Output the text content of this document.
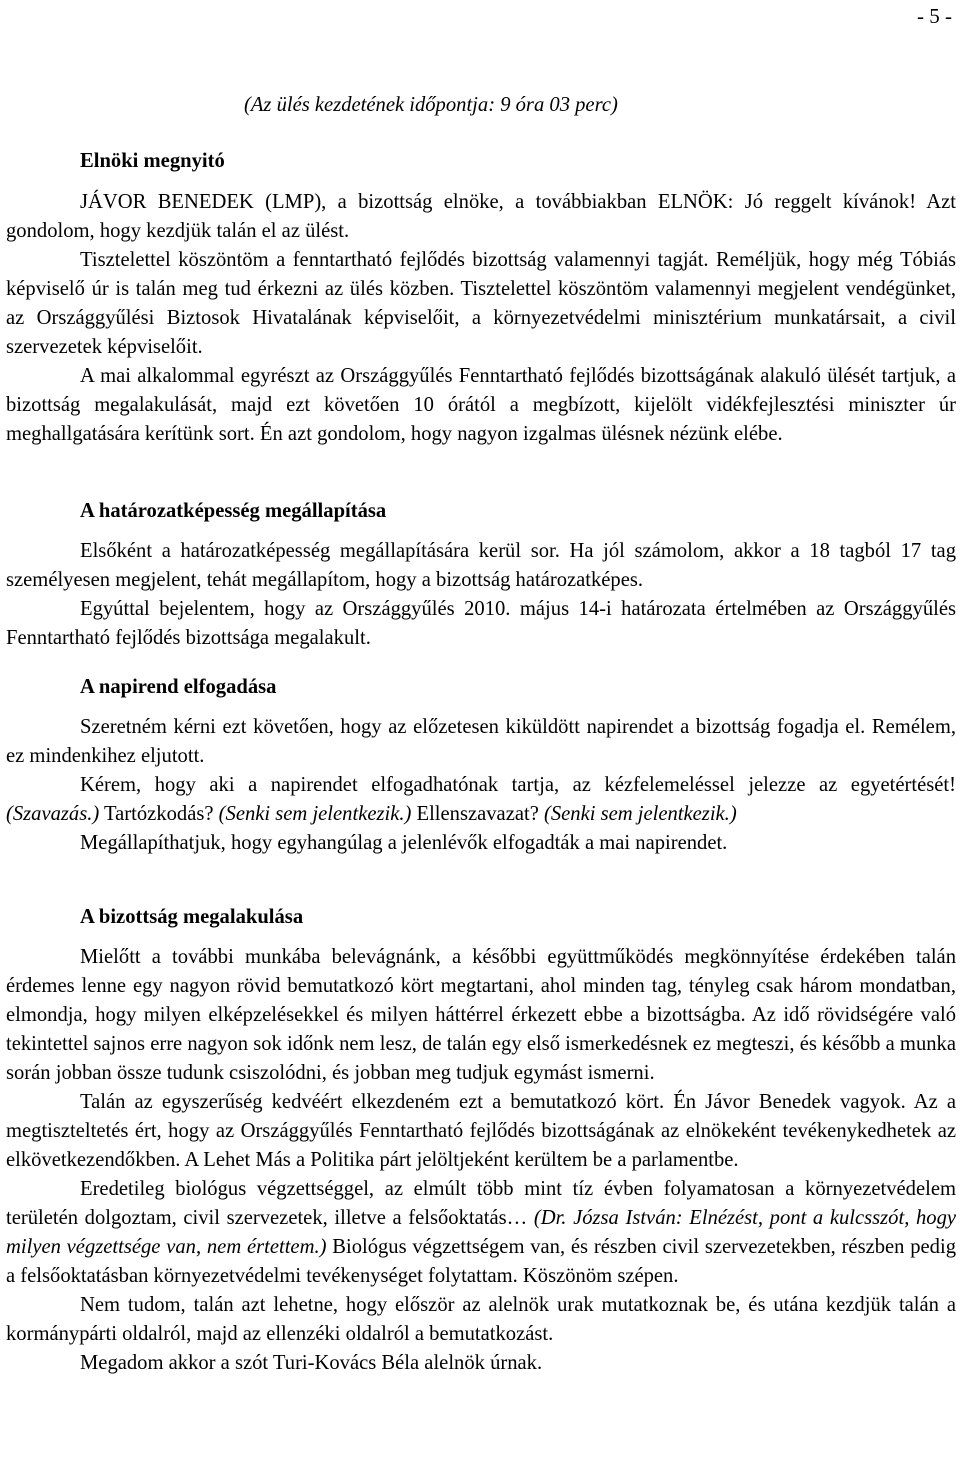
- 5 -
(Az ülés kezdetének időpontja: 9 óra 03 perc)
Elnöki megnyitó

JÁVOR BENEDEK (LMP), a bizottság elnöke, a továbbiakban ELNÖK: Jó reggelt kívánok! Azt gondolom, hogy kezdjük talán el az ülést.

Tisztelettel köszöntöm a fenntartható fejlődés bizottság valamennyi tagját. Reméljük, hogy még Tóbiás képviselő úr is talán meg tud érkezni az ülés közben. Tisztelettel köszöntöm valamennyi megjelent vendégünket, az Országgyűlési Biztosok Hivatalának képviselőit, a környezetvédelmi minisztérium munkatársait, a civil szervezetek képviselőit.

A mai alkalommal egyrészt az Országgyűlés Fenntartható fejlődés bizottságának alakuló ülését tartjuk, a bizottság megalakulását, majd ezt követően 10 órától a megbízott, kijelölt vidékfejlesztési miniszter úr meghallgatására kerítünk sort. Én azt gondolom, hogy nagyon izgalmas ülésnek nézünk elébe.

A határozatképesség megállapítása

Elsőként a határozatképesség megállapítására kerül sor. Ha jól számolom, akkor a 18 tagból 17 tag személyesen megjelent, tehát megállapítom, hogy a bizottság határozatképes.

Egyúttal bejelentem, hogy az Országgyűlés 2010. május 14-i határozata értelmében az Országgyűlés Fenntartható fejlődés bizottsága megalakult.

A napirend elfogadása

Szeretném kérni ezt követően, hogy az előzetesen kiküldött napirendet a bizottság fogadja el. Remélem, ez mindenkihez eljutott.

Kérem, hogy aki a napirendet elfogadhatónak tartja, az kézfelemeléssel jelezze az egyetértését! (Szavazás.) Tartózkodás? (Senki sem jelentkezik.) Ellenszavazat? (Senki sem jelentkezik.)

Megállapíthatjuk, hogy egyhangúlag a jelenlévők elfogadták a mai napirendet.

A bizottság megalakulása

Mielőtt a további munkába belevágnánk, a későbbi együttműködés megkönnyítése érdekében talán érdemes lenne egy nagyon rövid bemutatkozó kört megtartani, ahol minden tag, tényleg csak három mondatban, elmondja, hogy milyen elképzelésekkel és milyen háttérrel érkezett ebbe a bizottságba. Az idő rövidségére való tekintettel sajnos erre nagyon sok időnk nem lesz, de talán egy első ismerkedésnek ez megteszi, és később a munka során jobban össze tudunk csiszolódni, és jobban meg tudjuk egymást ismerni.

Talán az egyszerűség kedvéért elkezdeném ezt a bemutatkozó kört. Én Jávor Benedek vagyok. Az a megtiszteltetés ért, hogy az Országgyűlés Fenntartható fejlődés bizottságának az elnökeként tevékenykedhetek az elkövetkezendőkben. A Lehet Más a Politika párt jelöltjeként kerültem be a parlamentbe.

Eredetileg biológus végzettséggel, az elmúlt több mint tíz évben folyamatosan a környezetvédelem területén dolgoztam, civil szervezetek, illetve a felsőoktatás… (Dr. Józsa István: Elnézést, pont a kulcsszót, hogy milyen végzettsége van, nem értettem.) Biológus végzettségem van, és részben civil szervezetekben, részben pedig a felsőoktatásban környezetvédelmi tevékenységet folytattam. Köszönöm szépen.

Nem tudom, talán azt lehetne, hogy először az alelnök urak mutatkoznak be, és utána kezdjük talán a kormánypárti oldalról, majd az ellenzéki oldalról a bemutatkozást.

Megadom akkor a szót Turi-Kovács Béla alelnök úrnak.
